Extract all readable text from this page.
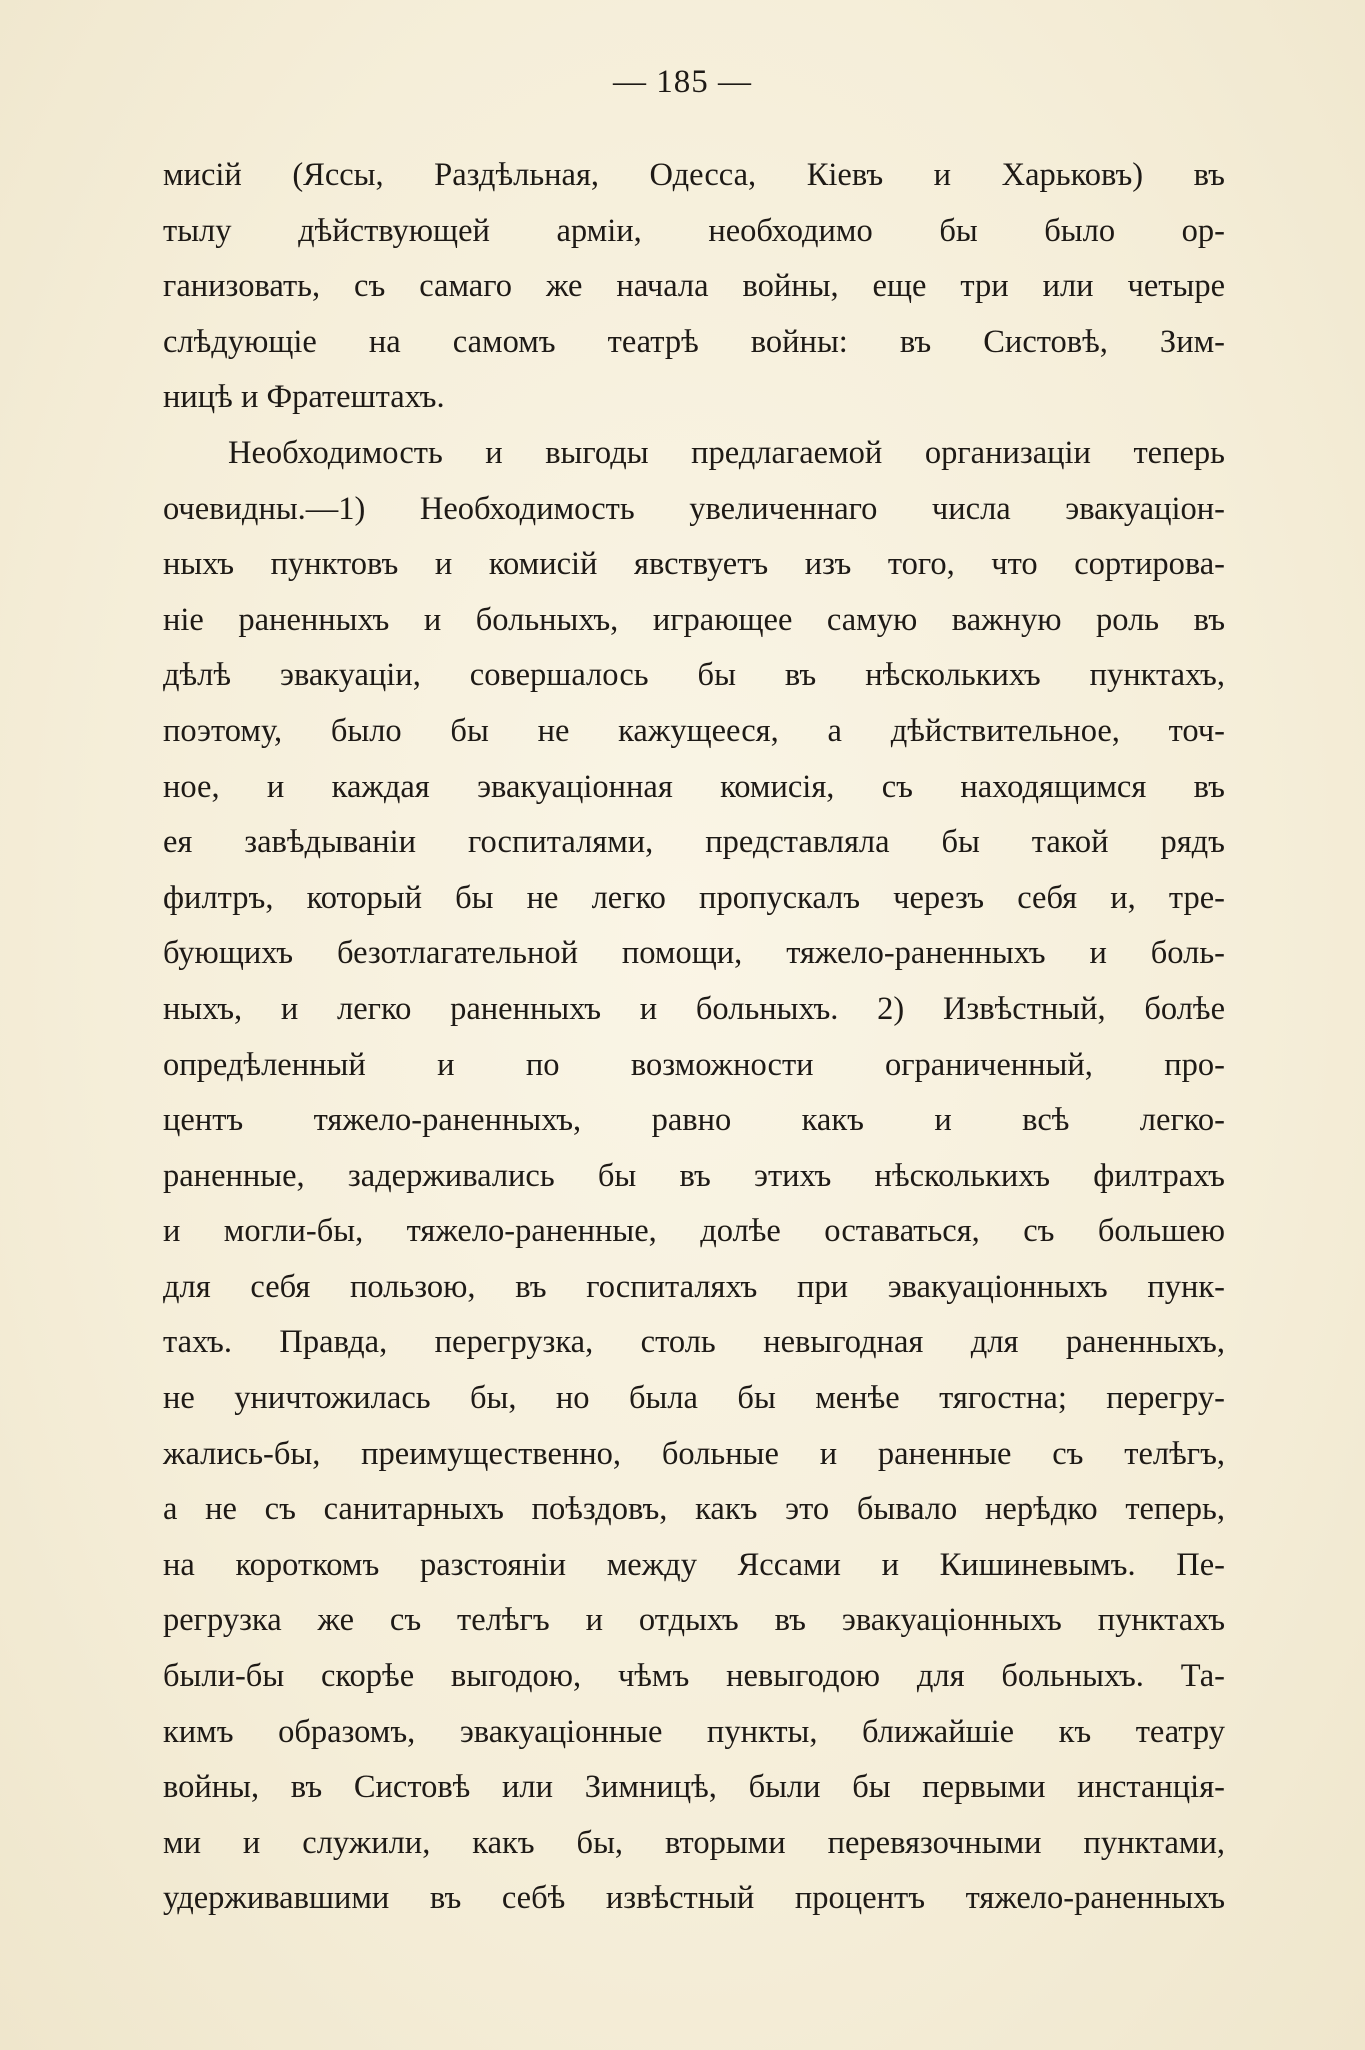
— 185 —
мисій (Яссы, Раздѣльная, Одесса, Кіевъ и Харьковъ) въ
тылу дѣйствующей арміи, необходимо бы было ор-
ганизовать, съ самаго же начала войны, еще три или четыре
слѣдующіе на самомъ театрѣ войны: въ Систовѣ, Зим-
ницѣ и Фратештахъ.
Необходимость и выгоды предлагаемой организаціи теперь
очевидны.—1) Необходимость увеличеннаго числа эвакуаціон-
ныхъ пунктовъ и комисій явствуетъ изъ того, что сортирова-
ніе раненныхъ и больныхъ, играющее самую важную роль въ
дѣлѣ эвакуаціи, совершалось бы въ нѣсколькихъ пунктахъ,
поэтому, было бы не кажущееся, а дѣйствительное, точ-
ное, и каждая эвакуаціонная комисія, съ находящимся въ
ея завѣдываніи госпиталями, представляла бы такой рядъ
филтръ, который бы не легко пропускалъ черезъ себя и, тре-
бующихъ безотлагательной помощи, тяжело-раненныхъ и боль-
ныхъ, и легко раненныхъ и больныхъ. 2) Извѣстный, болѣе
опредѣленный и по возможности ограниченный, про-
центъ тяжело-раненныхъ, равно какъ и всѣ легко-
раненные, задерживались бы въ этихъ нѣсколькихъ филтрахъ
и могли-бы, тяжело-раненные, долѣе оставаться, съ большею
для себя пользою, въ госпиталяхъ при эвакуаціонныхъ пунк-
тахъ. Правда, перегрузка, столь невыгодная для раненныхъ,
не уничтожилась бы, но была бы менѣе тягостна; перегру-
жались-бы, преимущественно, больные и раненные съ телѣгъ,
а не съ санитарныхъ поѣздовъ, какъ это бывало нерѣдко теперь,
на короткомъ разстояніи между Яссами и Кишиневымъ. Пе-
регрузка же съ телѣгъ и отдыхъ въ эвакуаціонныхъ пунктахъ
были-бы скорѣе выгодою, чѣмъ невыгодою для больныхъ. Та-
кимъ образомъ, эвакуаціонные пункты, ближайшіе къ театру
войны, въ Систовѣ или Зимницѣ, были бы первыми инстанція-
ми и служили, какъ бы, вторыми перевязочными пунктами,
удерживавшими въ себѣ извѣстный процентъ тяжело-раненныхъ
